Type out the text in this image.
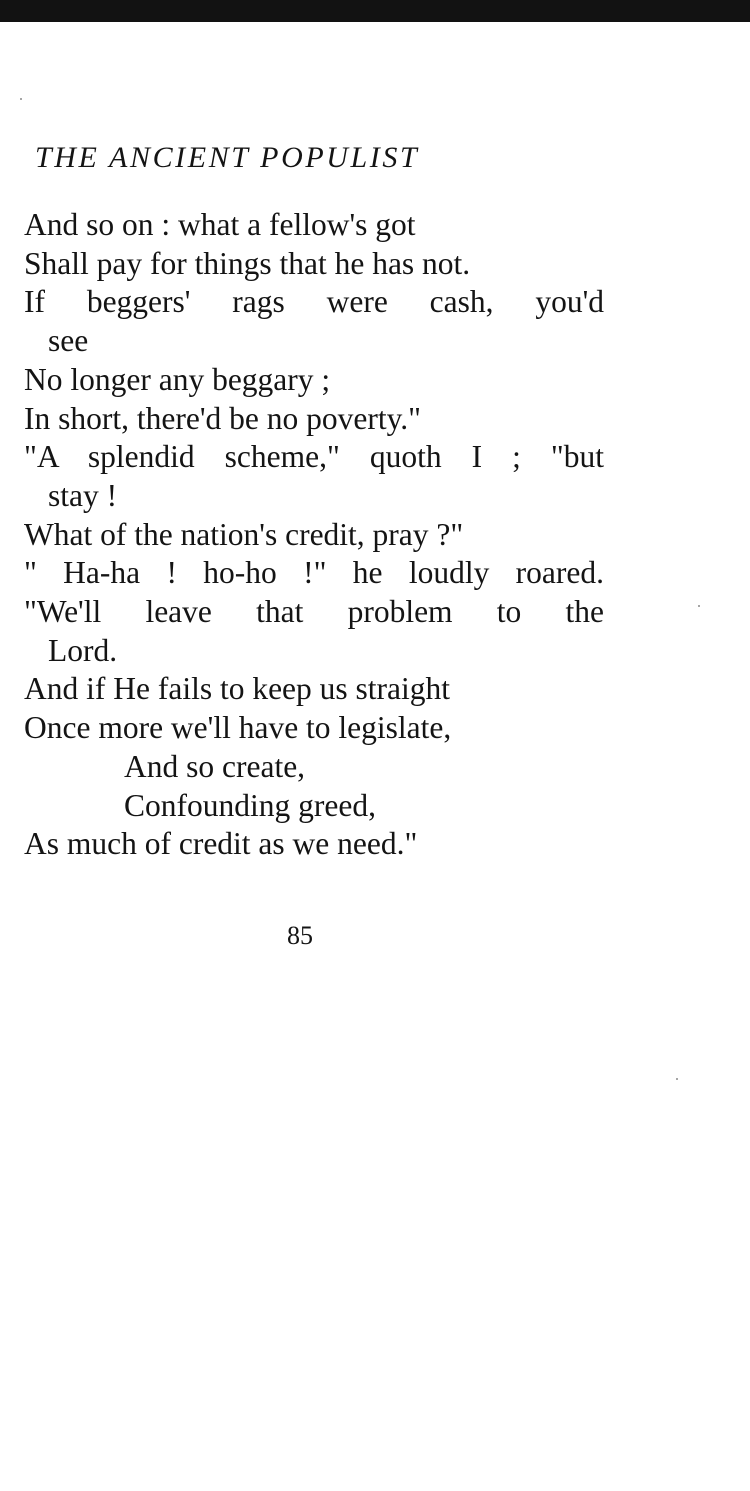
THE ANCIENT POPULIST
And so on : what a fellow's got
Shall pay for things that he has not.
If beggers' rags were cash, you'd
see
No longer any beggary ;
In short, there'd be no poverty."
"A splendid scheme," quoth I ; "but
stay !
What of the nation's credit, pray ?"
" Ha-ha ! ho-ho !" he loudly roared.
"We'll leave that problem to the
Lord.
And if He fails to keep us straight
Once more we'll have to legislate,
And so create,
Confounding greed,
As much of credit as we need."
85
